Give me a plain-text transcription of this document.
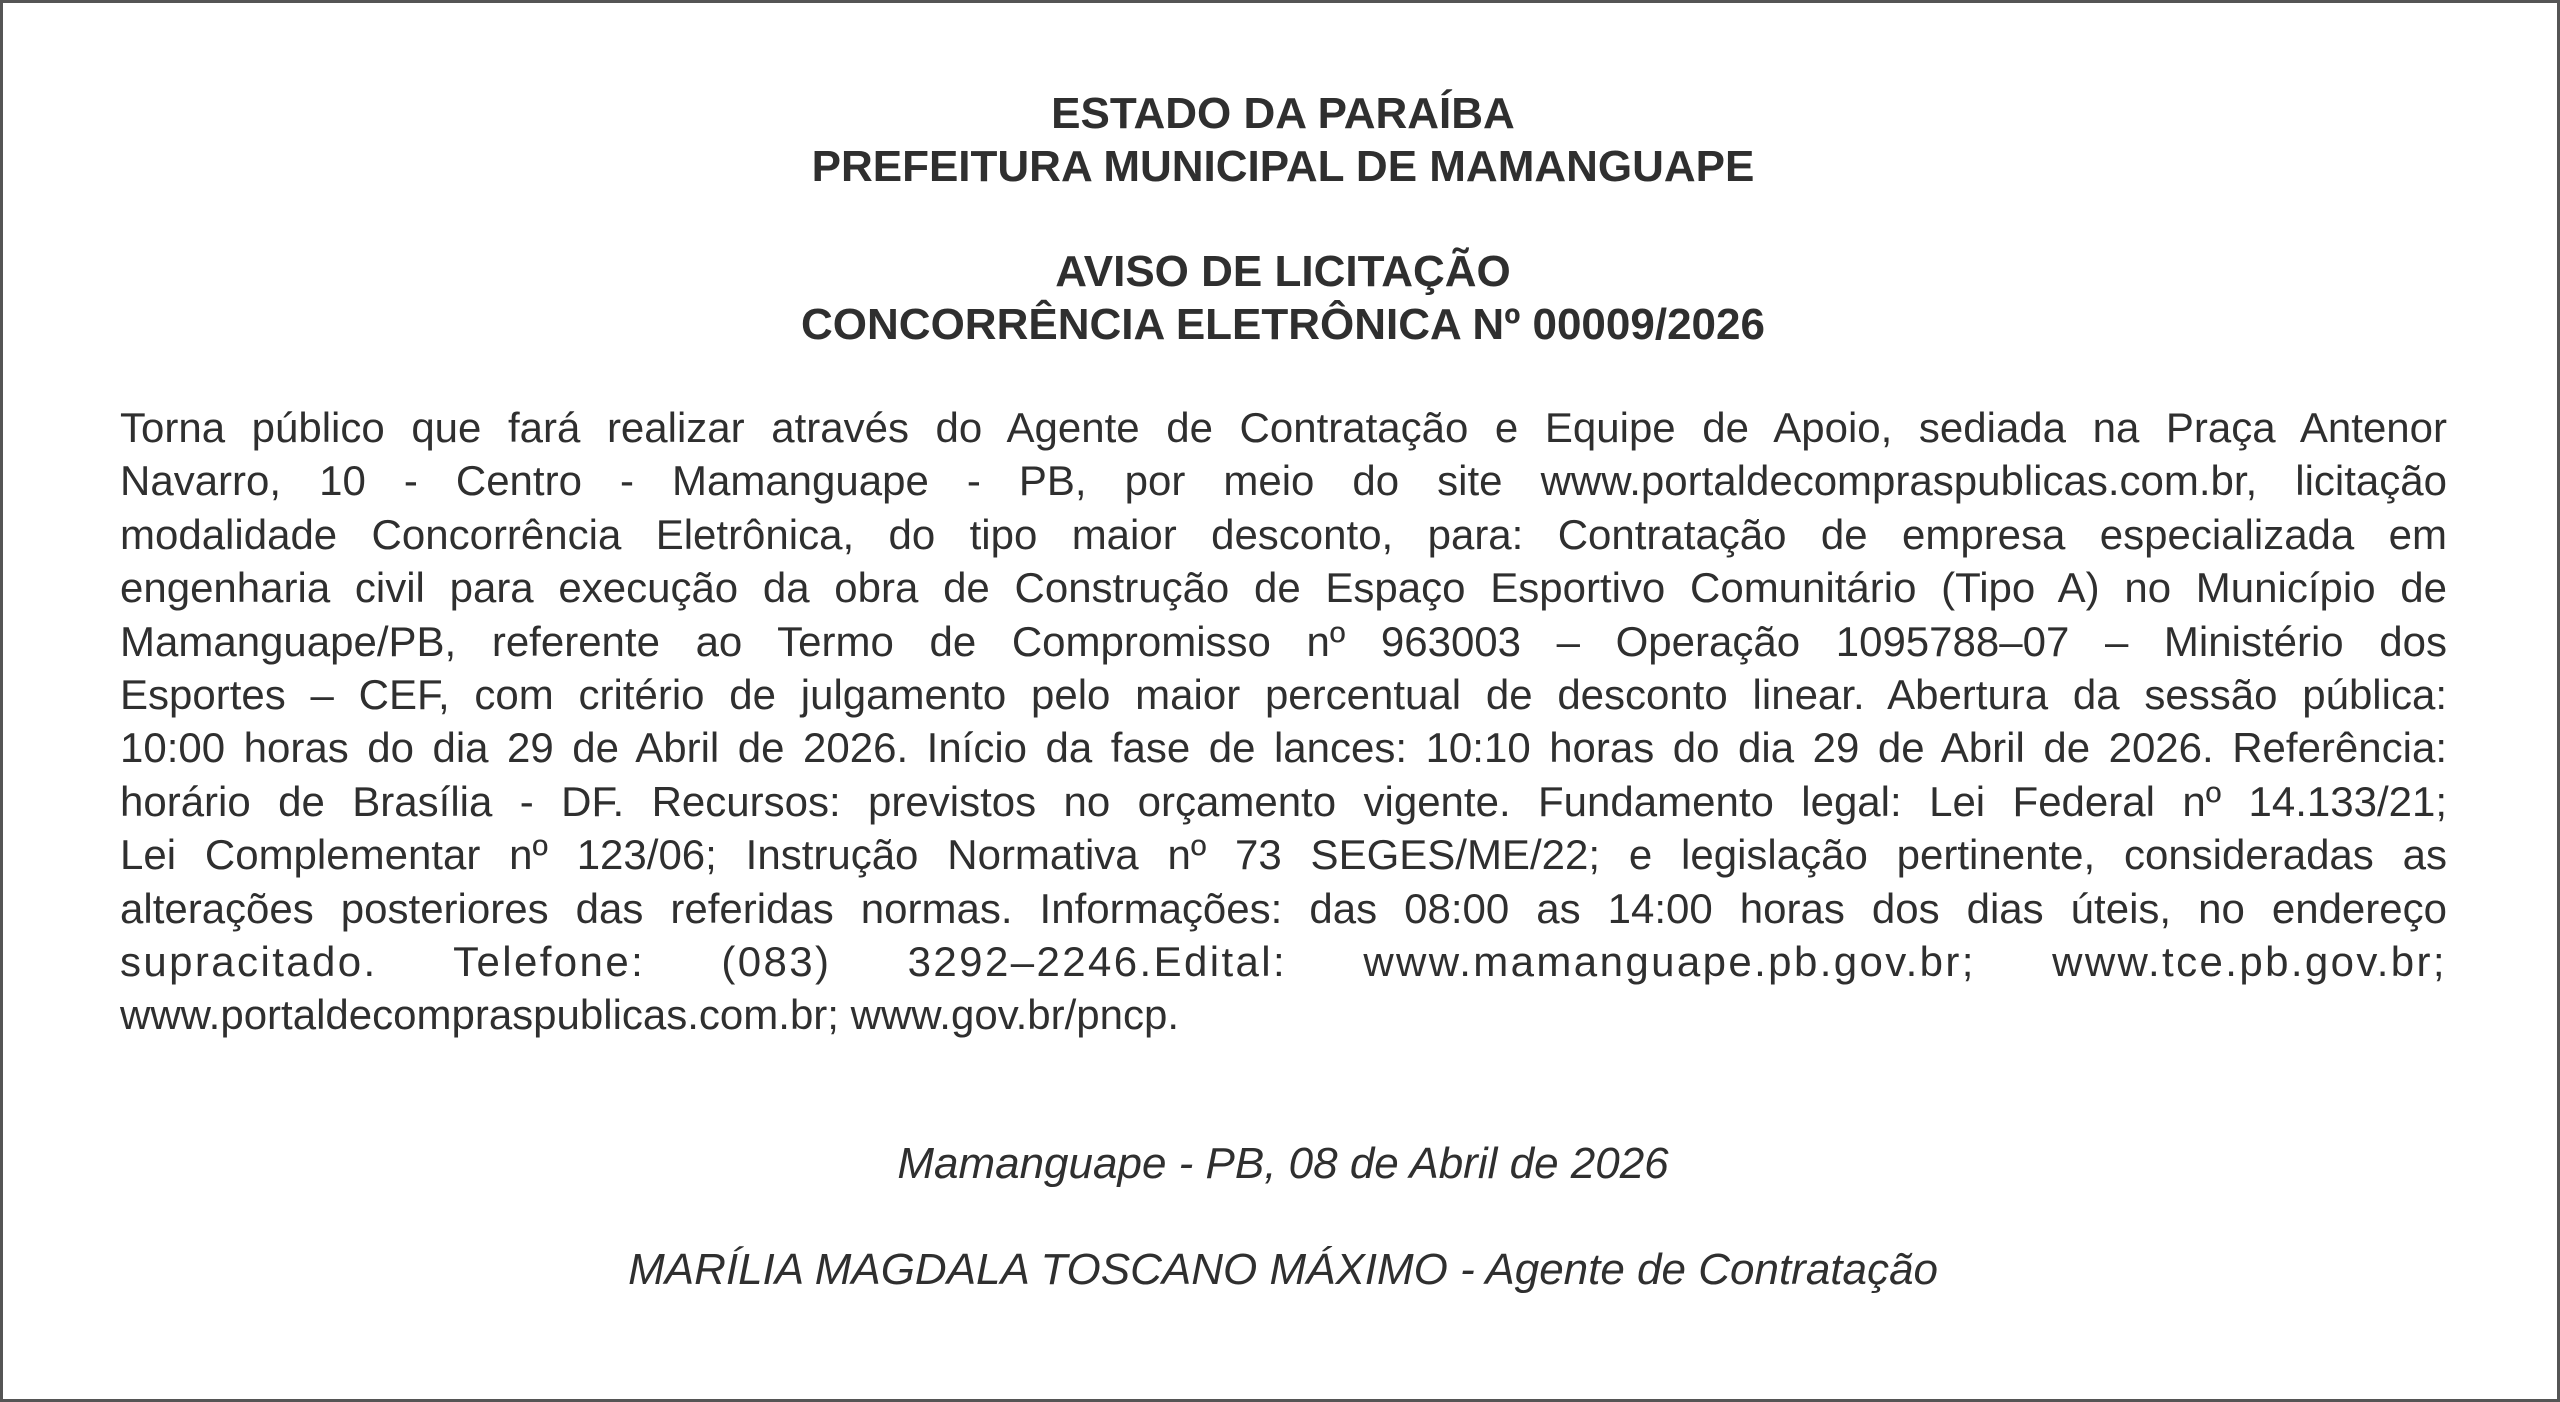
ESTADO DA PARAÍBA

PREFEITURA MUNICIPAL DE MAMANGUAPE

AVISO DE LICITAÇÃO

CONCORRÊNCIA ELETRÔNICA Nº 00009/2026

Torna público que fará realizar através do Agente de Contratação e Equipe de Apoio, sediada na Praça Antenor
Navarro, 10 - Centro - Mamanguape - PB, por meio do site www.portaldecompraspublicas.com.br, licitação
modalidade Concorrência Eletrônica, do tipo maior desconto, para: Contratação de empresa especializada em
engenharia civil para execução da obra de Construção de Espaço Esportivo Comunitário (Tipo A) no Município de
Mamanguape/PB, referente ao Termo de Compromisso nº 963003 – Operação 1095788–07 – Ministério dos
Esportes – CEF, com critério de julgamento pelo maior percentual de desconto linear. Abertura da sessão pública:
10:00 horas do dia 29 de Abril de 2026. Início da fase de lances: 10:10 horas do dia 29 de Abril de 2026. Referência:
horário de Brasília - DF. Recursos: previstos no orçamento vigente. Fundamento legal: Lei Federal nº 14.133/21;
Lei Complementar nº 123/06; Instrução Normativa nº 73 SEGES/ME/22; e legislação pertinente, consideradas as
alterações posteriores das referidas normas. Informações: das 08:00 as 14:00 horas dos dias úteis, no endereço
supracitado. Telefone: (083) 3292–2246.Edital: www.mamanguape.pb.gov.br; www.tce.pb.gov.br;
www.portaldecompraspublicas.com.br; www.gov.br/pncp.

Mamanguape - PB, 08 de Abril de 2026

MARÍLIA MAGDALA TOSCANO MÁXIMO - Agente de Contratação
